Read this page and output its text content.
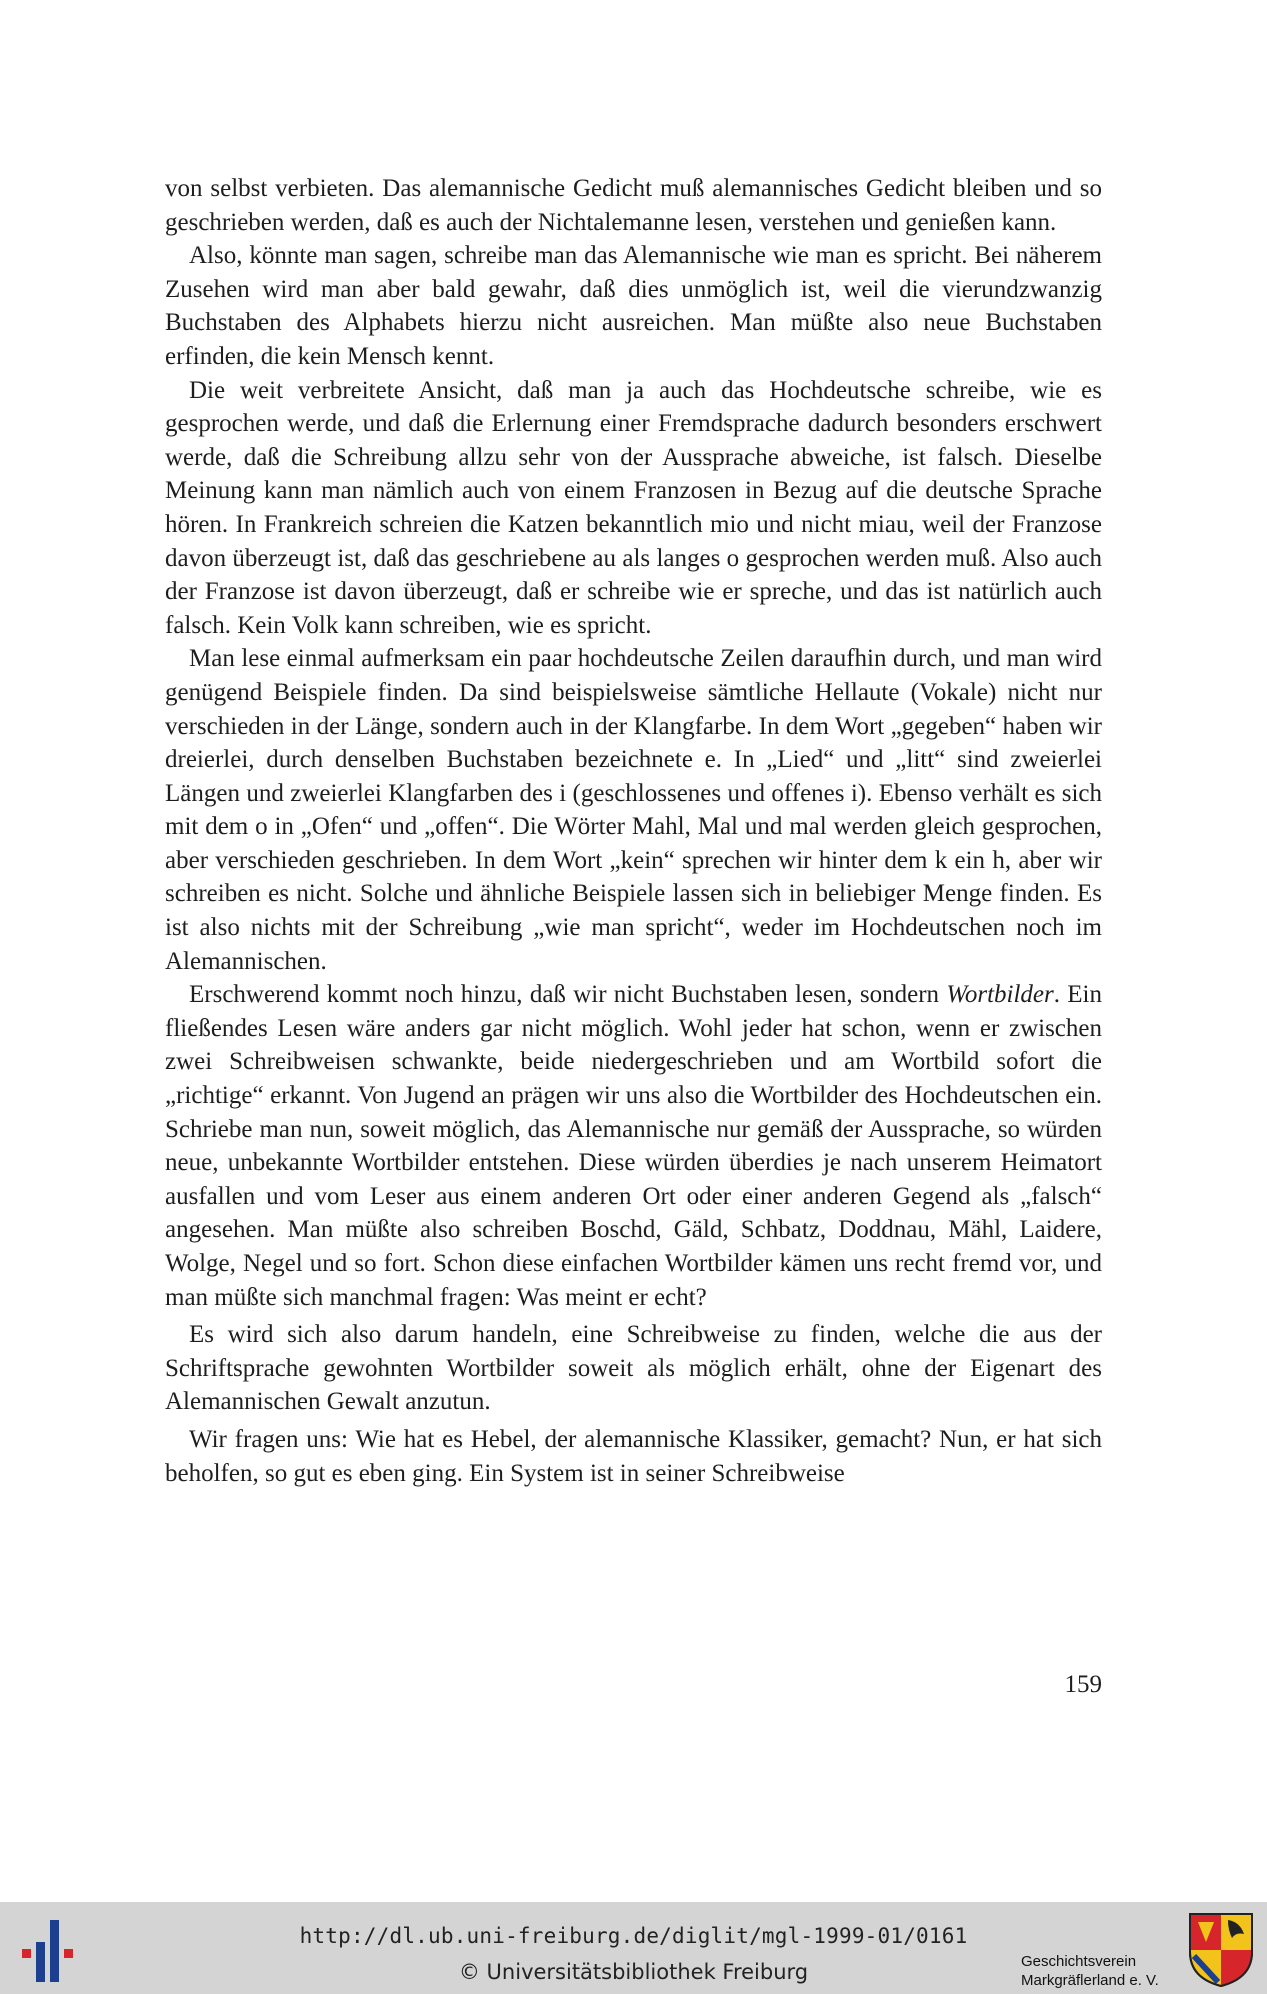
von selbst verbieten. Das alemannische Gedicht muß alemannisches Gedicht bleiben und so geschrieben werden, daß es auch der Nichtalemanne lesen, verstehen und genießen kann.

Also, könnte man sagen, schreibe man das Alemannische wie man es spricht. Bei näherem Zusehen wird man aber bald gewahr, daß dies unmöglich ist, weil die vierundzwanzig Buchstaben des Alphabets hierzu nicht ausreichen. Man müßte also neue Buchstaben erfinden, die kein Mensch kennt.

Die weit verbreitete Ansicht, daß man ja auch das Hochdeutsche schreibe, wie es gesprochen werde, und daß die Erlernung einer Fremdsprache dadurch besonders erschwert werde, daß die Schreibung allzu sehr von der Aussprache abweiche, ist falsch. Dieselbe Meinung kann man nämlich auch von einem Franzosen in Bezug auf die deutsche Sprache hören. In Frankreich schreien die Katzen bekanntlich mio und nicht miau, weil der Franzose davon überzeugt ist, daß das geschriebene au als langes o gesprochen werden muß. Also auch der Franzose ist davon überzeugt, daß er schreibe wie er spreche, und das ist natürlich auch falsch. Kein Volk kann schreiben, wie es spricht.

Man lese einmal aufmerksam ein paar hochdeutsche Zeilen daraufhin durch, und man wird genügend Beispiele finden. Da sind beispielsweise sämtliche Hellaute (Vokale) nicht nur verschieden in der Länge, sondern auch in der Klangfarbe. In dem Wort „gegeben“ haben wir dreierlei, durch denselben Buchstaben bezeichnete e. In „Lied“ und „litt“ sind zweierlei Längen und zweierlei Klangfarben des i (geschlossenes und offenes i). Ebenso verhält es sich mit dem o in „Ofen“ und „offen“. Die Wörter Mahl, Mal und mal werden gleich gesprochen, aber verschieden geschrieben. In dem Wort „kein“ sprechen wir hinter dem k ein h, aber wir schreiben es nicht. Solche und ähnliche Beispiele lassen sich in beliebiger Menge finden. Es ist also nichts mit der Schreibung „wie man spricht“, weder im Hochdeutschen noch im Alemannischen.

Erschwerend kommt noch hinzu, daß wir nicht Buchstaben lesen, sondern Wortbilder. Ein fließendes Lesen wäre anders gar nicht möglich. Wohl jeder hat schon, wenn er zwischen zwei Schreibweisen schwankte, beide niedergeschrieben und am Wortbild sofort die „richtige“ erkannt. Von Jugend an prägen wir uns also die Wortbilder des Hochdeutschen ein. Schriebe man nun, soweit möglich, das Alemannische nur gemäß der Aussprache, so würden neue, unbekannte Wortbilder entstehen. Diese würden überdies je nach unserem Heimatort ausfallen und vom Leser aus einem anderen Ort oder einer anderen Gegend als „falsch“ angesehen. Man müßte also schreiben Boschd, Gäld, Schbatz, Doddnau, Mähl, Laidere, Wolge, Negel und so fort. Schon diese einfachen Wortbilder kämen uns recht fremd vor, und man müßte sich manchmal fragen: Was meint er echt?

Es wird sich also darum handeln, eine Schreibweise zu finden, welche die aus der Schriftsprache gewohnten Wortbilder soweit als möglich erhält, ohne der Eigenart des Alemannischen Gewalt anzutun.

Wir fragen uns: Wie hat es Hebel, der alemannische Klassiker, gemacht? Nun, er hat sich beholfen, so gut es eben ging. Ein System ist in seiner Schreibweise

159
http://dl.ub.uni-freiburg.de/diglit/mgl-1999-01/0161
© Universitätsbibliothek Freiburg	Geschichtsverein
Markgräflerland e. V.
